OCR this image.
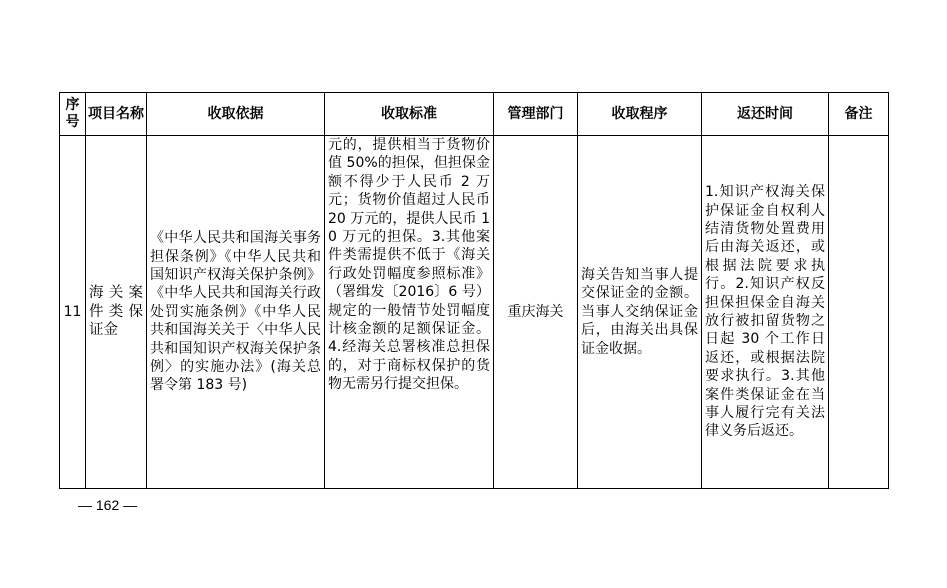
序号	项目名称	收取依据	收取标准	管理部门	收取程序	返还时间	备注

11	海关案件类保证金	《中华人民共和国海关事务担保条例》《中华人民共和国知识产权海关保护条例》《中华人民共和国海关行政处罚实施条例》《中华人民共和国海关关于〈中华人民共和国知识产权海关保护条例〉的实施办法》(海关总署令第 183 号)	元的，提供相当于货物价值 50%的担保，但担保金额不得少于人民币 2 万元；货物价值超过人民币 20 万元的，提供人民币 10 万元的担保。3.其他案件类需提供不低于《海关行政处罚幅度参照标准》（署缉发〔2016〕6 号）规定的一般情节处罚幅度计核金额的足额保证金。4.经海关总署核准总担保的，对于商标权保护的货物无需另行提交担保。	重庆海关	海关告知当事人提交保证金的金额。当事人交纳保证金后，由海关出具保证金收据。	1.知识产权海关保护保证金自权利人结清货物处置费用后由海关返还，或根据法院要求执行。2.知识产权反担保担保金自海关放行被扣留货物之日起 30 个工作日返还，或根据法院要求执行。3.其他案件类保证金在当事人履行完有关法律义务后返还。	

— 162 —
